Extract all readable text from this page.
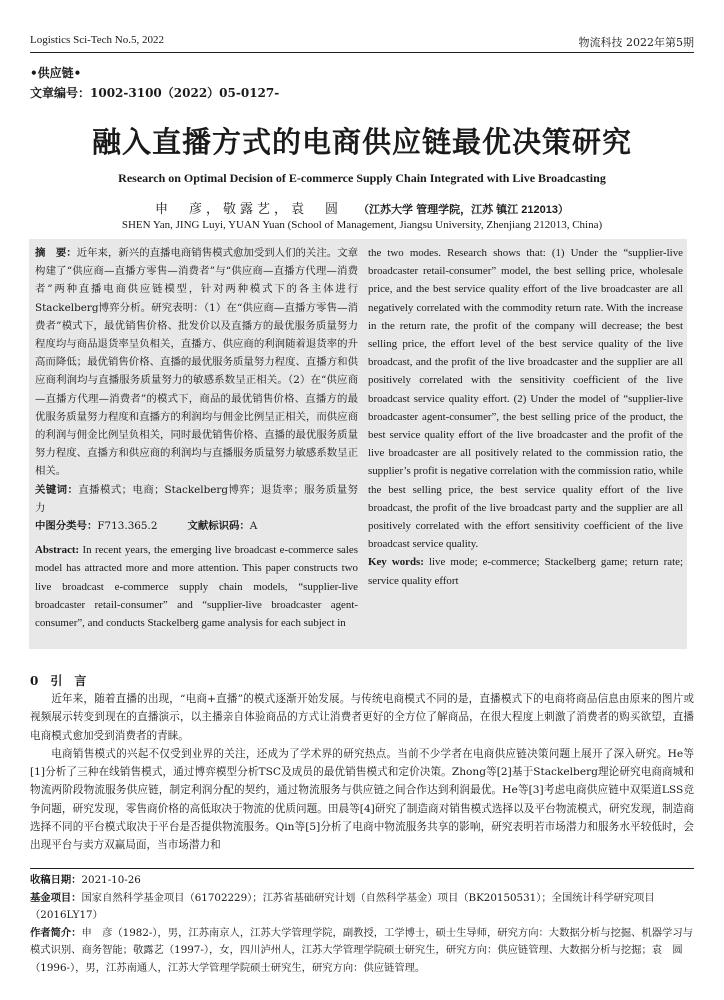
Logistics Sci-Tech No.5, 2022	物流科技 2022年第5期
•供应链•
文章编号：1002-3100（2022）05-0127-
融入直播方式的电商供应链最优决策研究
Research on Optimal Decision of E-commerce Supply Chain Integrated with Live Broadcasting
申　彦，敬露艺，袁　圆 （江苏大学 管理学院，江苏 镇江 212013）
SHEN Yan, JING Luyi, YUAN Yuan (School of Management, Jiangsu University, Zhenjiang 212013, China)

摘　要：近年来，新兴的直播电商销售模式愈加受到人们的关注。文章构建了“供应商—直播方零售—消费者”与“供应商—直播方代理—消费者”两种直播电商供应链模型，针对两种模式下的各主体进行Stackelberg博弈分析。研究表明：（1）在“供应商—直播方零售—消费者”模式下，最优销售价格、批发价以及直播方的最优服务质量努力程度均与商品退货率呈负相关，直播方、供应商的利润随着退货率的升高而降低；最优销售价格、直播的最优服务质量努力程度、直播方和供应商利润均与直播服务质量努力的敏感系数呈正相关。（2）在“供应商—直播方代理—消费者”的模式下，商品的最优销售价格、直播方的最优服务质量努力程度和直播方的利润均与佣金比例呈正相关，而供应商的利润与佣金比例呈负相关，同时最优销售价格、直播的最优服务质量努力程度、直播方和供应商的利润均与直播服务质量努力敏感系数呈正相关。

关键词：直播模式；电商；Stackelberg博弈；退货率；服务质量努力

中图分类号：F713.365.2	文献标识码：A

Abstract: In recent years, the emerging live broadcast e-commerce sales model has attracted more and more attention. This paper constructs two live broadcast e-commerce supply chain models, “supplier-live broadcaster retail-consumer” and “supplier-live broadcaster agent-consumer”, and conducts Stackelberg game analysis for each subject in

the two modes. Research shows that: (1) Under the “supplier-live broadcaster retail-consumer” model, the best selling price, wholesale price, and the best service quality effort of the live broadcaster are all negatively correlated with the commodity return rate. With the increase in the return rate, the profit of the company will decrease; the best selling price, the effort level of the best service quality of the live broadcast, and the profit of the live broadcaster and the supplier are all positively correlated with the sensitivity coefficient of the live broadcast service quality effort. (2) Under the model of “supplier-live broadcaster agent-consumer”, the best selling price of the product, the best service quality effort of the live broadcaster and the profit of the live broadcaster are all positively related to the commission ratio, the supplier’s profit is negative correlation with the commission ratio, while the best selling price, the best service quality effort of the live broadcast, the profit of the live broadcast party and the supplier are all positively correlated with the effort sensitivity coefficient of the live broadcast service quality.

Key words: live mode; e-commerce; Stackelberg game; return rate; service quality effort

0　引　言

近年来，随着直播的出现，“电商+直播”的模式逐渐开始发展。与传统电商模式不同的是，直播模式下的电商将商品信息由原来的图片或视频展示转变到现在的直播演示，以主播亲自体验商品的方式让消费者更好的全方位了解商品，在很大程度上刺激了消费者的购买欲望，直播电商模式愈加受到消费者的青睐。

电商销售模式的兴起不仅受到业界的关注，还成为了学术界的研究热点。当前不少学者在电商供应链决策问题上展开了深入研究。He等[1]分析了三种在线销售模式，通过博弈模型分析TSC及成员的最优销售模式和定价决策。Zhong等[2]基于Stackelberg理论研究电商商城和物流两阶段物流服务供应链，制定利润分配的契约，通过物流服务与供应链之间合作达到利润最优。He等[3]考虑电商供应链中双渠道LSS竞争问题，研究发现，零售商价格的高低取决于物流的优质问题。田晨等[4]研究了制造商对销售模式选择以及平台物流模式，研究发现，制造商选择不同的平台模式取决于平台是否提供物流服务。Qin等[5]分析了电商中物流服务共享的影响，研究表明若市场潜力和服务水平较低时，会出现平台与卖方双赢局面，当市场潜力和

收稿日期：2021-10-26

基金项目：国家自然科学基金项目（61702229）；江苏省基础研究计划（自然科学基金）项目（BK20150531）；全国统计科学研究项目（2016LY17）

作者简介：申　彦（1982-），男，江苏南京人，江苏大学管理学院，副教授，工学博士，硕士生导师，研究方向：大数据分析与挖掘、机器学习与模式识别、商务智能；敬露艺（1997-），女，四川泸州人，江苏大学管理学院硕士研究生，研究方向：供应链管理、大数据分析与挖掘；袁　圆（1996-），男，江苏南通人，江苏大学管理学院硕士研究生，研究方向：供应链管理。
